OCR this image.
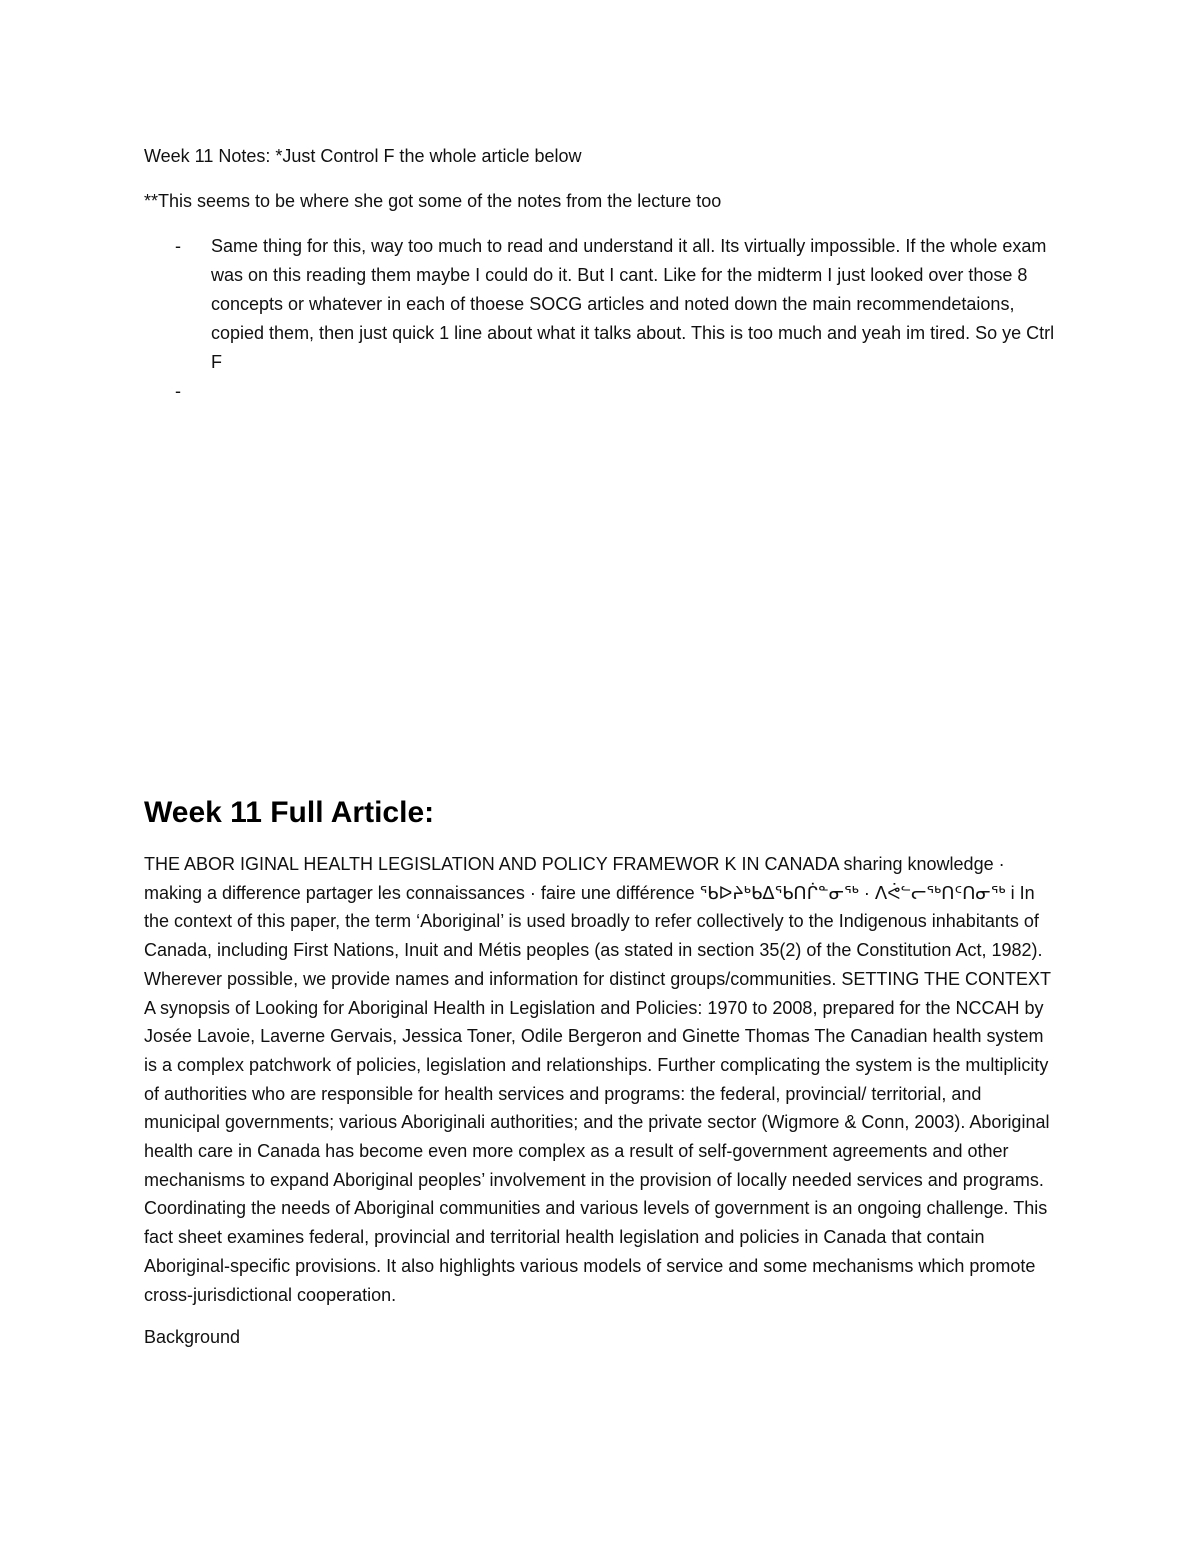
Week 11 Notes: *Just Control F the whole article below

**This seems to be where she got some of the notes from the lecture too

- Same thing for this, way too much to read and understand it all. Its virtually impossible. If the whole exam was on this reading them maybe I could do it. But I cant. Like for the midterm I just looked over those 8 concepts or whatever in each of thoese SOCG articles and noted down the main recommendetaions, copied them, then just quick 1 line about what it talks about. This is too much and yeah im tired. So ye Ctrl F
-

Week 11 Full Article:

THE ABOR IGINAL HEALTH LEGISLATION AND POLICY FRAMEWOR K IN CANADA sharing knowledge · making a difference partager les connaissances · faire une différence ᖃᐅᔨᒃᑲᐃᖃᑎᒌᓐᓂᖅ · ᐱᕚᓪᓕᖅᑎᑦᑎᓂᖅ i In the context of this paper, the term ‘Aboriginal’ is used broadly to refer collectively to the Indigenous inhabitants of Canada, including First Nations, Inuit and Métis peoples (as stated in section 35(2) of the Constitution Act, 1982). Wherever possible, we provide names and information for distinct groups/communities. SETTING THE CONTEXT A synopsis of Looking for Aboriginal Health in Legislation and Policies: 1970 to 2008, prepared for the NCCAH by Josée Lavoie, Laverne Gervais, Jessica Toner, Odile Bergeron and Ginette Thomas The Canadian health system is a complex patchwork of policies, legislation and relationships. Further complicating the system is the multiplicity of authorities who are responsible for health services and programs: the federal, provincial/ territorial, and municipal governments; various Aboriginali authorities; and the private sector (Wigmore & Conn, 2003). Aboriginal health care in Canada has become even more complex as a result of self-government agreements and other mechanisms to expand Aboriginal peoples’ involvement in the provision of locally needed services and programs. Coordinating the needs of Aboriginal communities and various levels of government is an ongoing challenge. This fact sheet examines federal, provincial and territorial health legislation and policies in Canada that contain Aboriginal-specific provisions. It also highlights various models of service and some mechanisms which promote cross-jurisdictional cooperation.

Background
